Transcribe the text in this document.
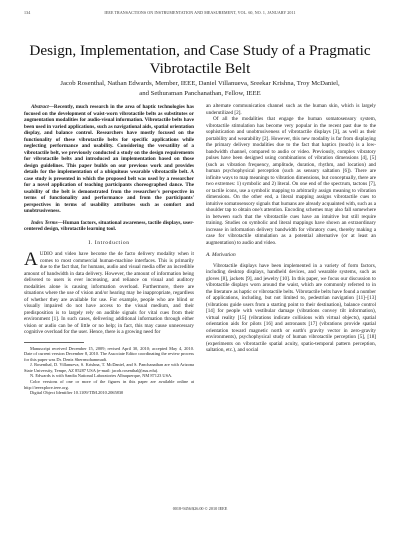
134	IEEE TRANSACTIONS ON INSTRUMENTATION AND MEASUREMENT, VOL. 60, NO. 1, JANUARY 2011
Design, Implementation, and Case Study of a Pragmatic Vibrotactile Belt
Jacob Rosenthal, Nathan Edwards, Member, IEEE, Daniel Villanueva, Sreekar Krishna, Troy McDaniel,
and Sethuraman Panchanathan, Fellow, IEEE

Abstract—Recently, much research in the area of haptic technologies has focused on the development of waist-worn vibrotactile belts as substitutes or augmentation modalities for audio-visual information. Vibrotactile belts have been used in varied applications, such as navigational aids, spatial orientation display, and balance control. Researchers have mostly focused on the functionality of these vibrotactile belts for specific applications while neglecting performance and usability. Considering the versatility of a vibrotactile belt, we previously conducted a study on the design requirements for vibrotactile belts and introduced an implementation based on those design guidelines. This paper builds on our previous work and provides details for the implementation of a ubiquitous wearable vibrotactile belt. A case study is presented in which the proposed belt was used by a researcher for a novel application of teaching participants choreographed dance. The usability of the belt is demonstrated from the researcher's perspective in terms of functionality and performance and from the participants' perspectives in terms of usability attributes such as comfort and unobtrusiveness.

Index Terms—Human factors, situational awareness, tactile displays, user-centered design, vibrotactile learning tool.

I. Introduction

AUDIO and video have become the de facto delivery modality when it comes to most commercial human-machine interfaces. This is primarily due to the fact that, for humans, audio and visual media offer an incredible amount of bandwidth in data delivery. However, the amount of information being delivered to users is ever increasing, and reliance on visual and auditory modalities alone is causing information overload. Furthermore, there are situations where the use of vision and/or hearing may be inappropriate, regardless of whether they are available for use. For example, people who are blind or visually impaired do not have access to the visual medium, and their predisposition is to largely rely on audible signals for vital cues from their environment [1]. In such cases, delivering additional information through either vision or audio can be of little or no help; in fact, this may cause unnecessary cognitive overload for the user. Hence, there is a growing need for

Manuscript received December 15, 2009; revised April 30, 2010; accepted May 4, 2010. Date of current version December 8, 2010. The Associate Editor coordinating the review process for this paper was Dr. Deniz Sherrmohammadi.

J. Rosenthal, D. Villanueva, S. Krishna, T. McDaniel, and S. Panchanathan are with Arizona State University, Tempe, AZ 85287 USA (e-mail: jacob.rosenthal@asu.edu).

N. Edwards is with Sandia National Laboratories Albuquerque, NM 87123 USA.

Color versions of one or more of the figures in this paper are available online at http://ieeexplore.ieee.org.

Digital Object Identifier 10.1109/TIM.2010.2065830

an alternate communication channel such as the human skin, which is largely underutilized [2].

Of all the modalities that engage the human somatosensory system, vibrotactile stimulation has become very popular in the recent past due to the sophistication and unobtrusiveness of vibrotactile displays [3], as well as their portability and wearability [2]. However, this new modality is far from displaying the primary delivery modalities due to the fact that haptics (touch) is a low-bandwidth channel, compared to audio or video. Previously, complex vibratory pulses have been designed using combinations of vibration dimensions [4], [5] (such as vibration frequency, amplitude, duration, rhythm, and location) and human psychophysical perception (such as sensory saltation [6]). There are infinite ways to map meanings to vibration dimensions, but conceptually, there are two extremes: 1) symbolic and 2) literal. On one end of the spectrum, tactons [7], or tactile icons, use a symbolic mapping to arbitrarily assign meaning to vibration dimensions. On the other end, a literal mapping assigns vibrotactile cues to intuitive somatosensory signals that humans are already acquainted with, such as a shoulder tap to obtain one's attention. Encoding schemes may also fall somewhere in between such that the vibrotactile cues have an intuitive but still require training. Studies on symbolic and literal mappings have shown an extraordinary increase in information delivery bandwidth for vibratory cues, thereby making a case for vibrotactile stimulation as a potential alternative (or at least an augmentation) to audio and video.

A. Motivation

Vibrotactile displays have been implemented in a variety of form factors, including desktop displays, handheld devices, and wearable systems, such as gloves [8], jackets [9], and jewelry [10]. In this paper, we focus our discussion to vibrotactile displays worn around the waist, which are commonly referred to in the literature as haptic or vibrotactile belts. Vibrotactile belts have found a number of applications, including, but not limited to, pedestrian navigation [11]–[13] (vibrations guide users from a starting point to their destination), balance control [14] for people with vestibular damage (vibrations convey tilt information), virtual reality [15] (vibrations indicate collisions with virtual objects), spatial orientation aids for pilots [16] and astronauts [17] (vibrations provide spatial orientation toward magnetic north or earth's gravity vector in zero-gravity environments), psychophysical study of human vibrotactile perception [5], [18] (experiments on vibrotactile spatial acuity, spatio-temporal pattern perception, saltation, etc.), and social

0018-9456/$26.00 © 2010 IEEE
